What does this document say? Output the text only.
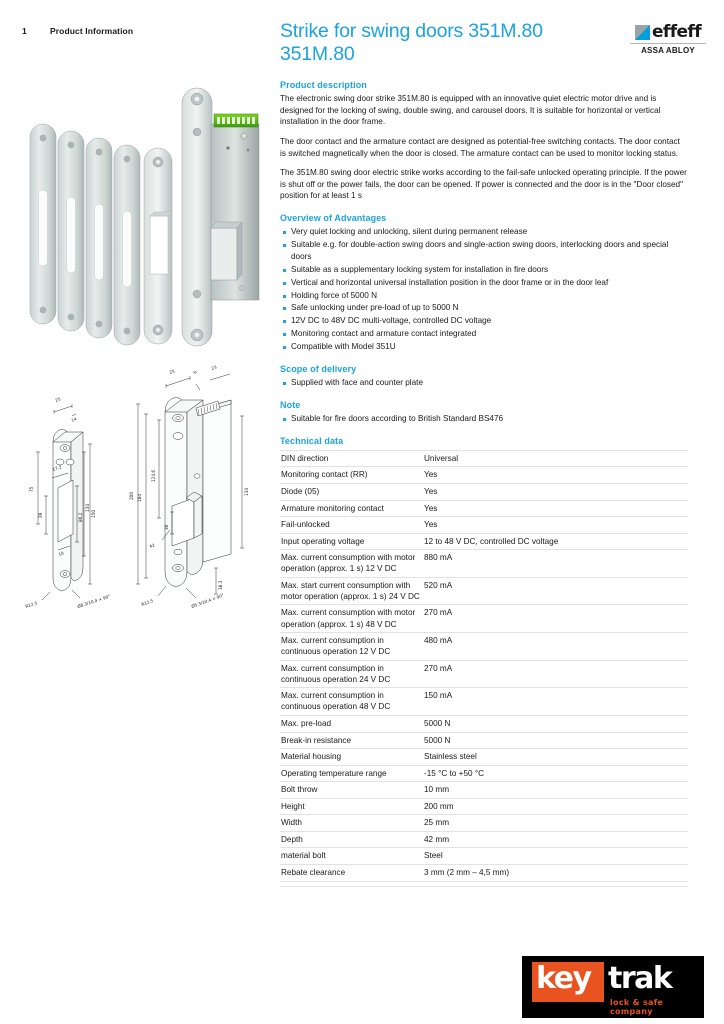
1	Product Information	effeff
ASSA ABLOY
75
39	150
134
86.2
25
14
17.2
10
R12.5	Ø8.3/10.4 × 90°
200 184
124.6
134
30
25
23
6
38.3
42
R12.5	Ø5.3/10.4 × 90°
Strike for swing doors 351M.80
351M.80
Product description

The electronic swing door strike 351M.80 is equipped with an innovative quiet electric motor drive and is designed for the locking of swing, double swing, and carousel doors. It is suitable for horizontal or vertical installation in the door frame.

The door contact and the armature contact are designed as potential-free switching contacts. The door contact is switched magnetically when the door is closed. The armature contact can be used to monitor locking status.

The 351M.80 swing door electric strike works according to the fail-safe unlocked operating principle. If the power is shut off or the power fails, the door can be opened. If power is connected and the door is in the "Door closed" position for at least 1 s

Overview of Advantages
Very quiet locking and unlocking, silent during permanent release
Suitable e.g. for double-action swing doors and single-action swing doors, interlocking doors and special doors
Suitable as a supplementary locking system for installation in fire doors
Vertical and horizontal universal installation position in the door frame or in the door leaf
Holding force of 5000 N
Safe unlocking under pre-load of up to 5000 N
12V DC to 48V DC multi-voltage, controlled DC voltage
Monitoring contact and armature contact integrated
Compatible with Model 351U
Scope of delivery
Supplied with face and counter plate
Note
Suitable for fire doors according to British Standard BS476
Technical data
DIN direction	Universal
Monitoring contact (RR)	Yes
Diode (05)	Yes
Armature monitoring contact	Yes
Fail-unlocked	Yes
Input operating voltage	12 to 48 V DC, controlled DC voltage
Max. current consumption with motor operation (approx. 1 s) 12 V DC	880 mA
Max. start current consumption with motor operation (approx. 1 s) 24 V DC	520 mA
Max. current consumption with motor operation (approx. 1 s) 48 V DC	270 mA
Max. current consumption in continuous operation 12 V DC	480 mA
Max. current consumption in continuous operation 24 V DC	270 mA
Max. current consumption in continuous operation 48 V DC	150 mA
Max. pre-load	5000 N
Break-in resistance	5000 N
Material housing	Stainless steel
Operating temperature range	-15 °C to +50 °C
Bolt throw	10 mm
Height	200 mm
Width	25 mm
Depth	42 mm
material bolt	Steel
Rebate clearance	3 mm (2 mm – 4,5 mm)

key trak
lock & safe company
